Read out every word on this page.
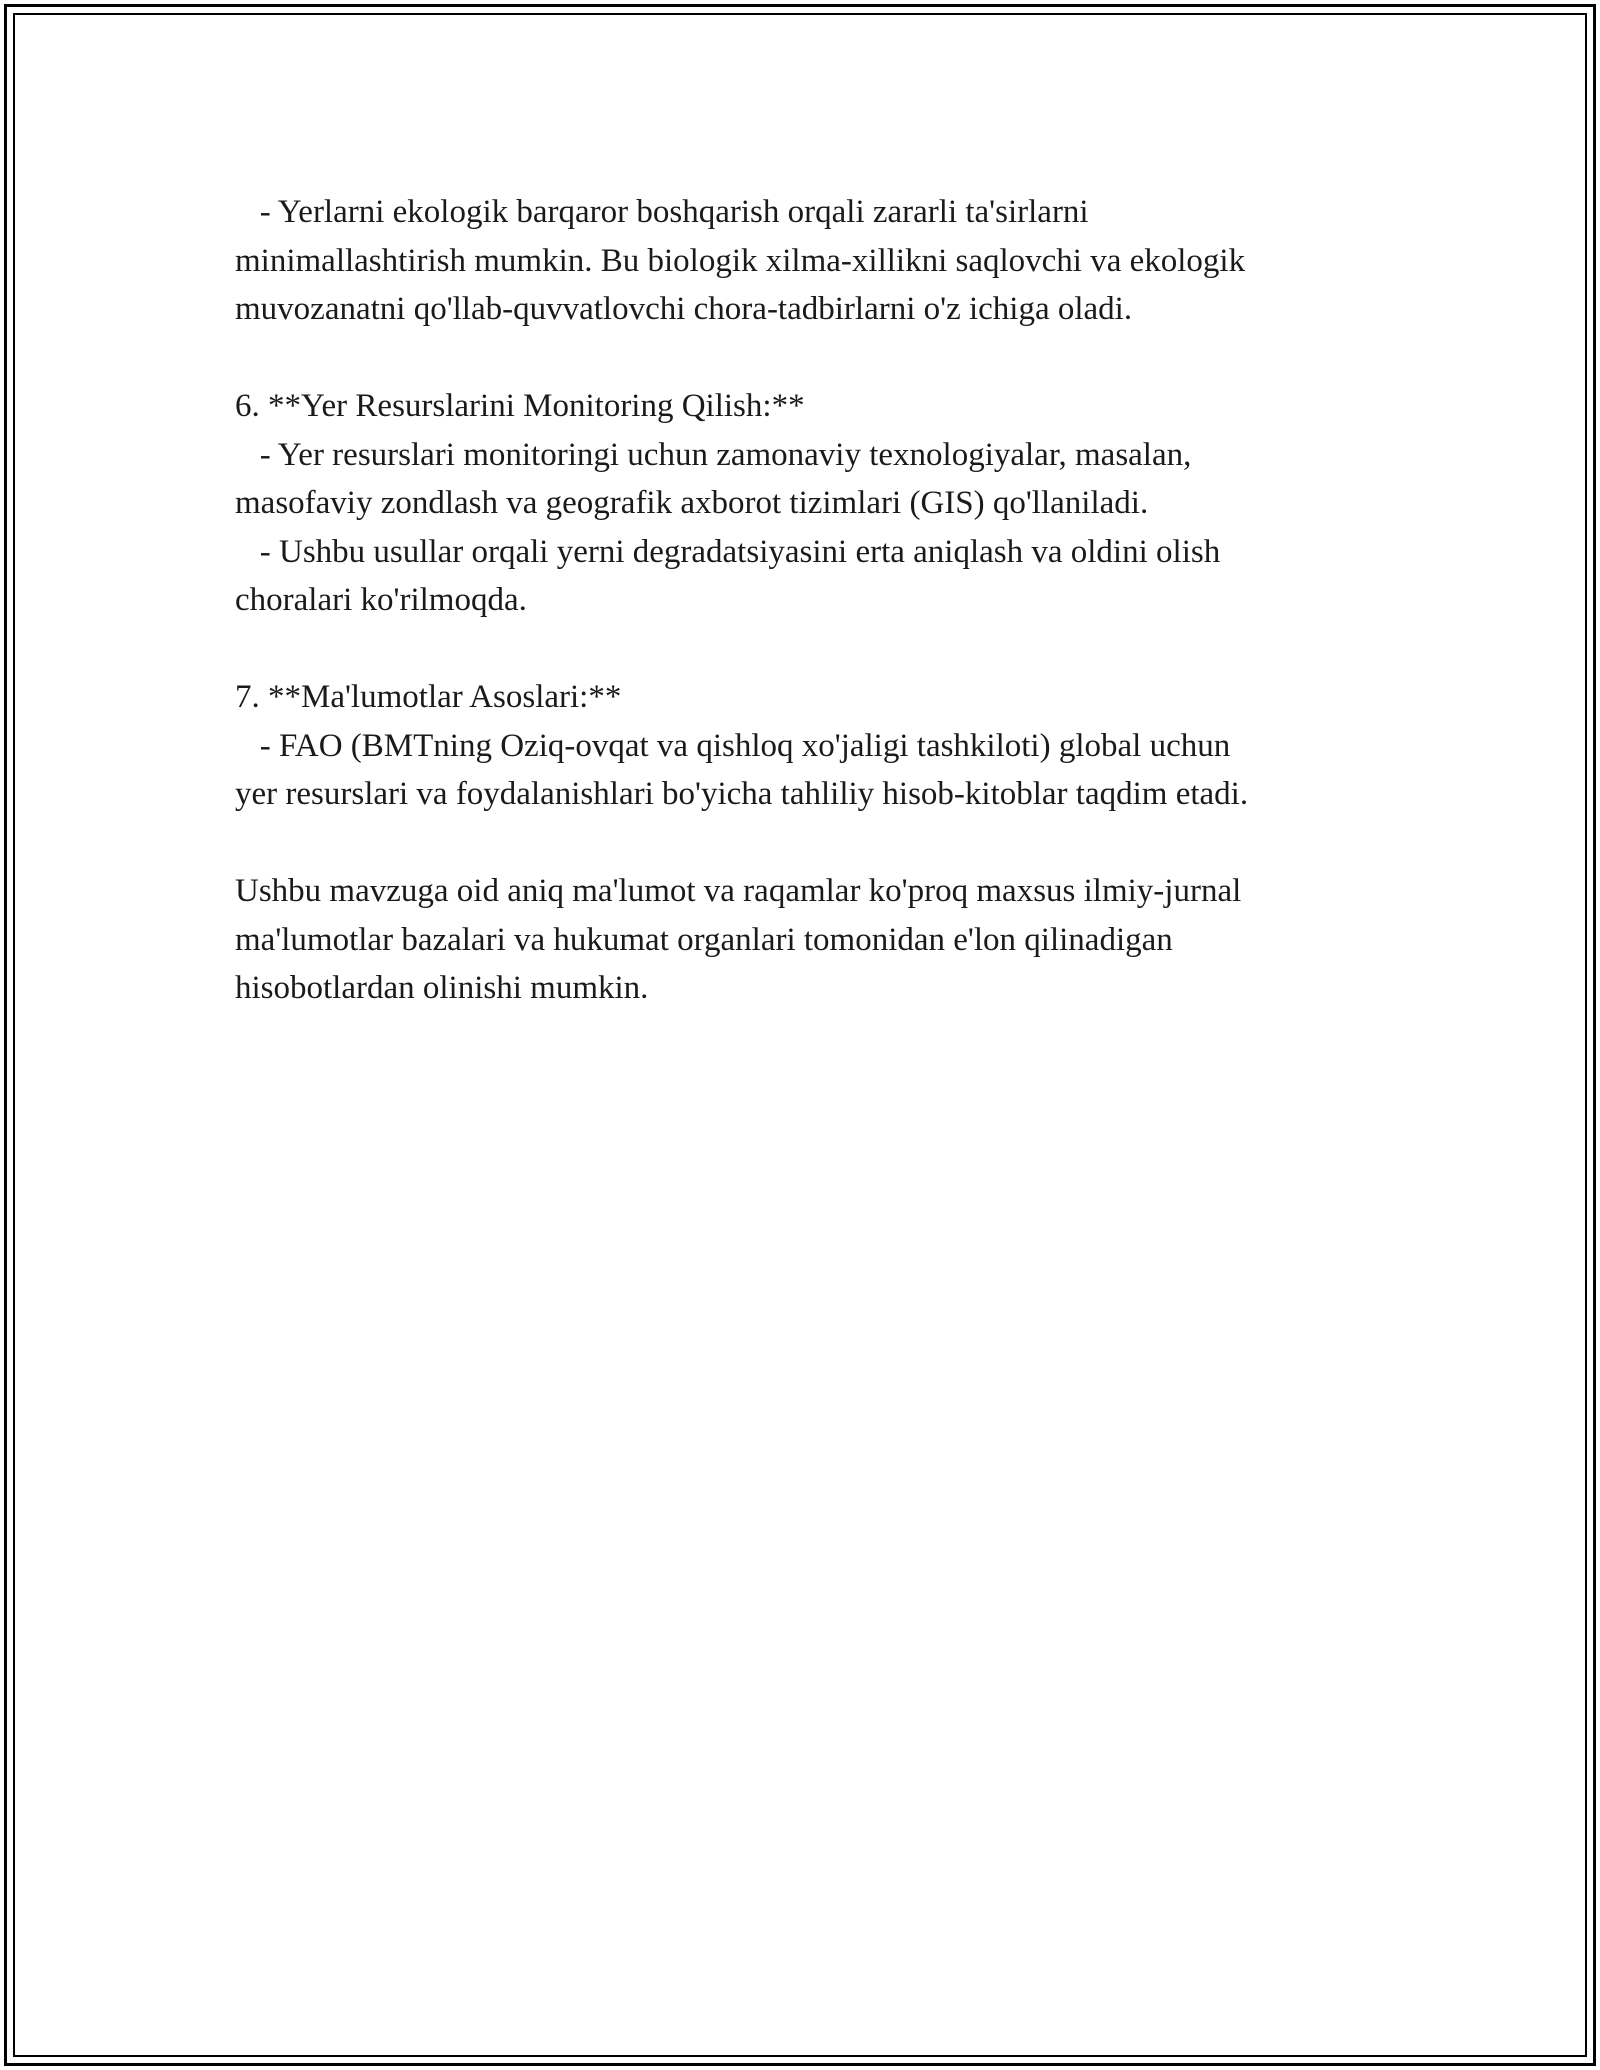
- Yerlarni ekologik barqaror boshqarish orqali zararli ta'sirlarni
minimallashtirish mumkin. Bu biologik xilma-xillikni saqlovchi va ekologik
muvozanatni qo'llab-quvvatlovchi chora-tadbirlarni o'z ichiga oladi.
6. **Yer Resurslarini Monitoring Qilish:**
- Yer resurslari monitoringi uchun zamonaviy texnologiyalar, masalan,
masofaviy zondlash va geografik axborot tizimlari (GIS) qo'llaniladi.
- Ushbu usullar orqali yerni degradatsiyasini erta aniqlash va oldini olish
choralari ko'rilmoqda.
7. **Ma'lumotlar Asoslari:**
- FAO (BMTning Oziq-ovqat va qishloq xo'jaligi tashkiloti) global uchun
yer resurslari va foydalanishlari bo'yicha tahliliy hisob-kitoblar taqdim etadi.
Ushbu mavzuga oid aniq ma'lumot va raqamlar ko'proq maxsus ilmiy-jurnal
ma'lumotlar bazalari va hukumat organlari tomonidan e'lon qilinadigan
hisobotlardan olinishi mumkin.
